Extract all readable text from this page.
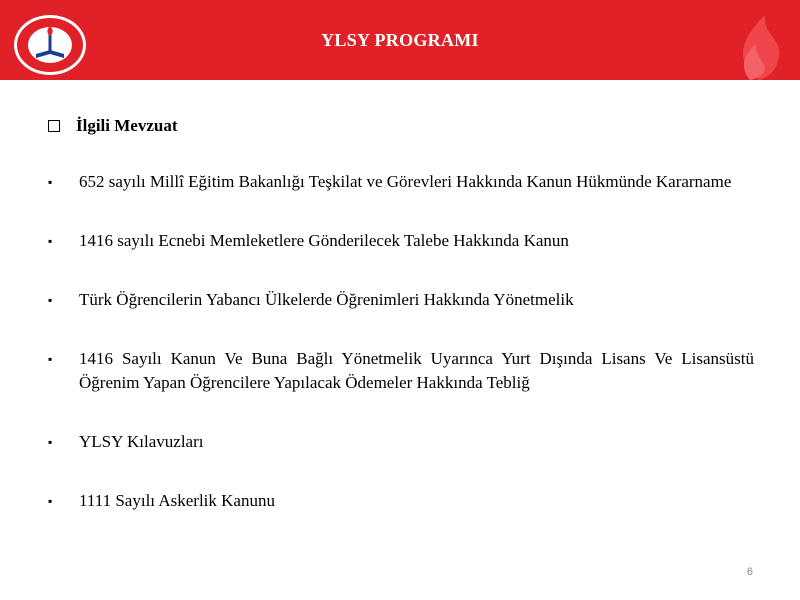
YLSY PROGRAMI
İlgili Mevzuat
▪	652 sayılı Millî Eğitim Bakanlığı Teşkilat ve Görevleri Hakkında Kanun Hükmünde Kararname
▪	1416 sayılı Ecnebi Memleketlere Gönderilecek Talebe Hakkında Kanun
▪	Türk Öğrencilerin Yabancı Ülkelerde Öğrenimleri Hakkında Yönetmelik
▪	1416 Sayılı Kanun Ve Buna Bağlı Yönetmelik Uyarınca Yurt Dışında Lisans Ve Lisansüstü Öğrenim Yapan Öğrencilere Yapılacak Ödemeler Hakkında Tebliğ
▪	YLSY Kılavuzları
▪	1111 Sayılı Askerlik Kanunu
6
